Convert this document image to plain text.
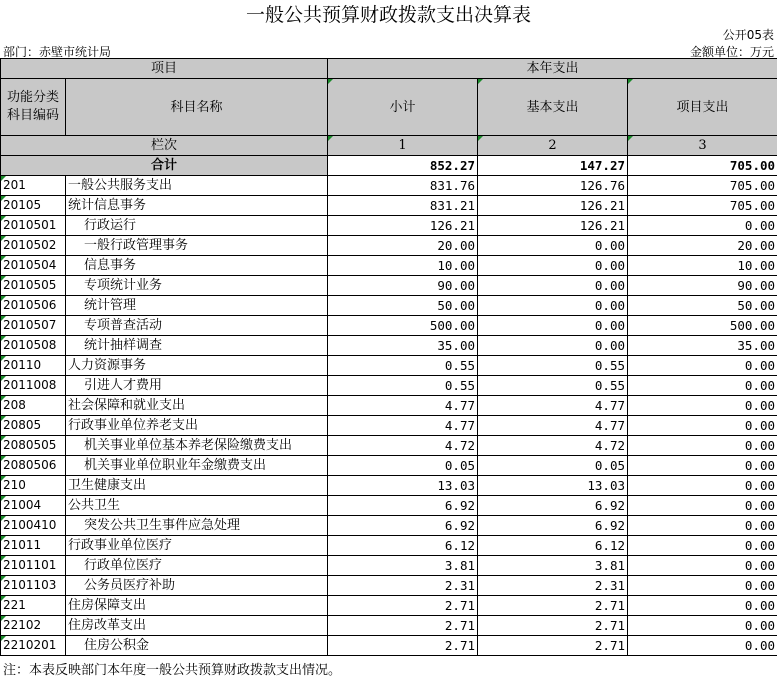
一般公共预算财政拨款支出决算表
公开05表
部门：赤壁市统计局	金额单位：万元
项目		本年支出		
功能分类科目编码	科目名称	小计	基本支出	项目支出
栏次		1	2	3
合计		852.27	147.27	705.00
201	一般公共服务支出	831.76	126.76	705.00
20105	统计信息事务	831.21	126.21	705.00
2010501	行政运行	126.21	126.21	0.00
2010502	一般行政管理事务	20.00	0.00	20.00
2010504	信息事务	10.00	0.00	10.00
2010505	专项统计业务	90.00	0.00	90.00
2010506	统计管理	50.00	0.00	50.00
2010507	专项普查活动	500.00	0.00	500.00
2010508	统计抽样调查	35.00	0.00	35.00
20110	人力资源事务	0.55	0.55	0.00
2011008	引进人才费用	0.55	0.55	0.00
208	社会保障和就业支出	4.77	4.77	0.00
20805	行政事业单位养老支出	4.77	4.77	0.00
2080505	机关事业单位基本养老保险缴费支出	4.72	4.72	0.00
2080506	机关事业单位职业年金缴费支出	0.05	0.05	0.00
210	卫生健康支出	13.03	13.03	0.00
21004	公共卫生	6.92	6.92	0.00
2100410	突发公共卫生事件应急处理	6.92	6.92	0.00
21011	行政事业单位医疗	6.12	6.12	0.00
2101101	行政单位医疗	3.81	3.81	0.00
2101103	公务员医疗补助	2.31	2.31	0.00
221	住房保障支出	2.71	2.71	0.00
22102	住房改革支出	2.71	2.71	0.00
2210201	住房公积金	2.71	2.71	0.00
注：本表反映部门本年度一般公共预算财政拨款支出情况。
